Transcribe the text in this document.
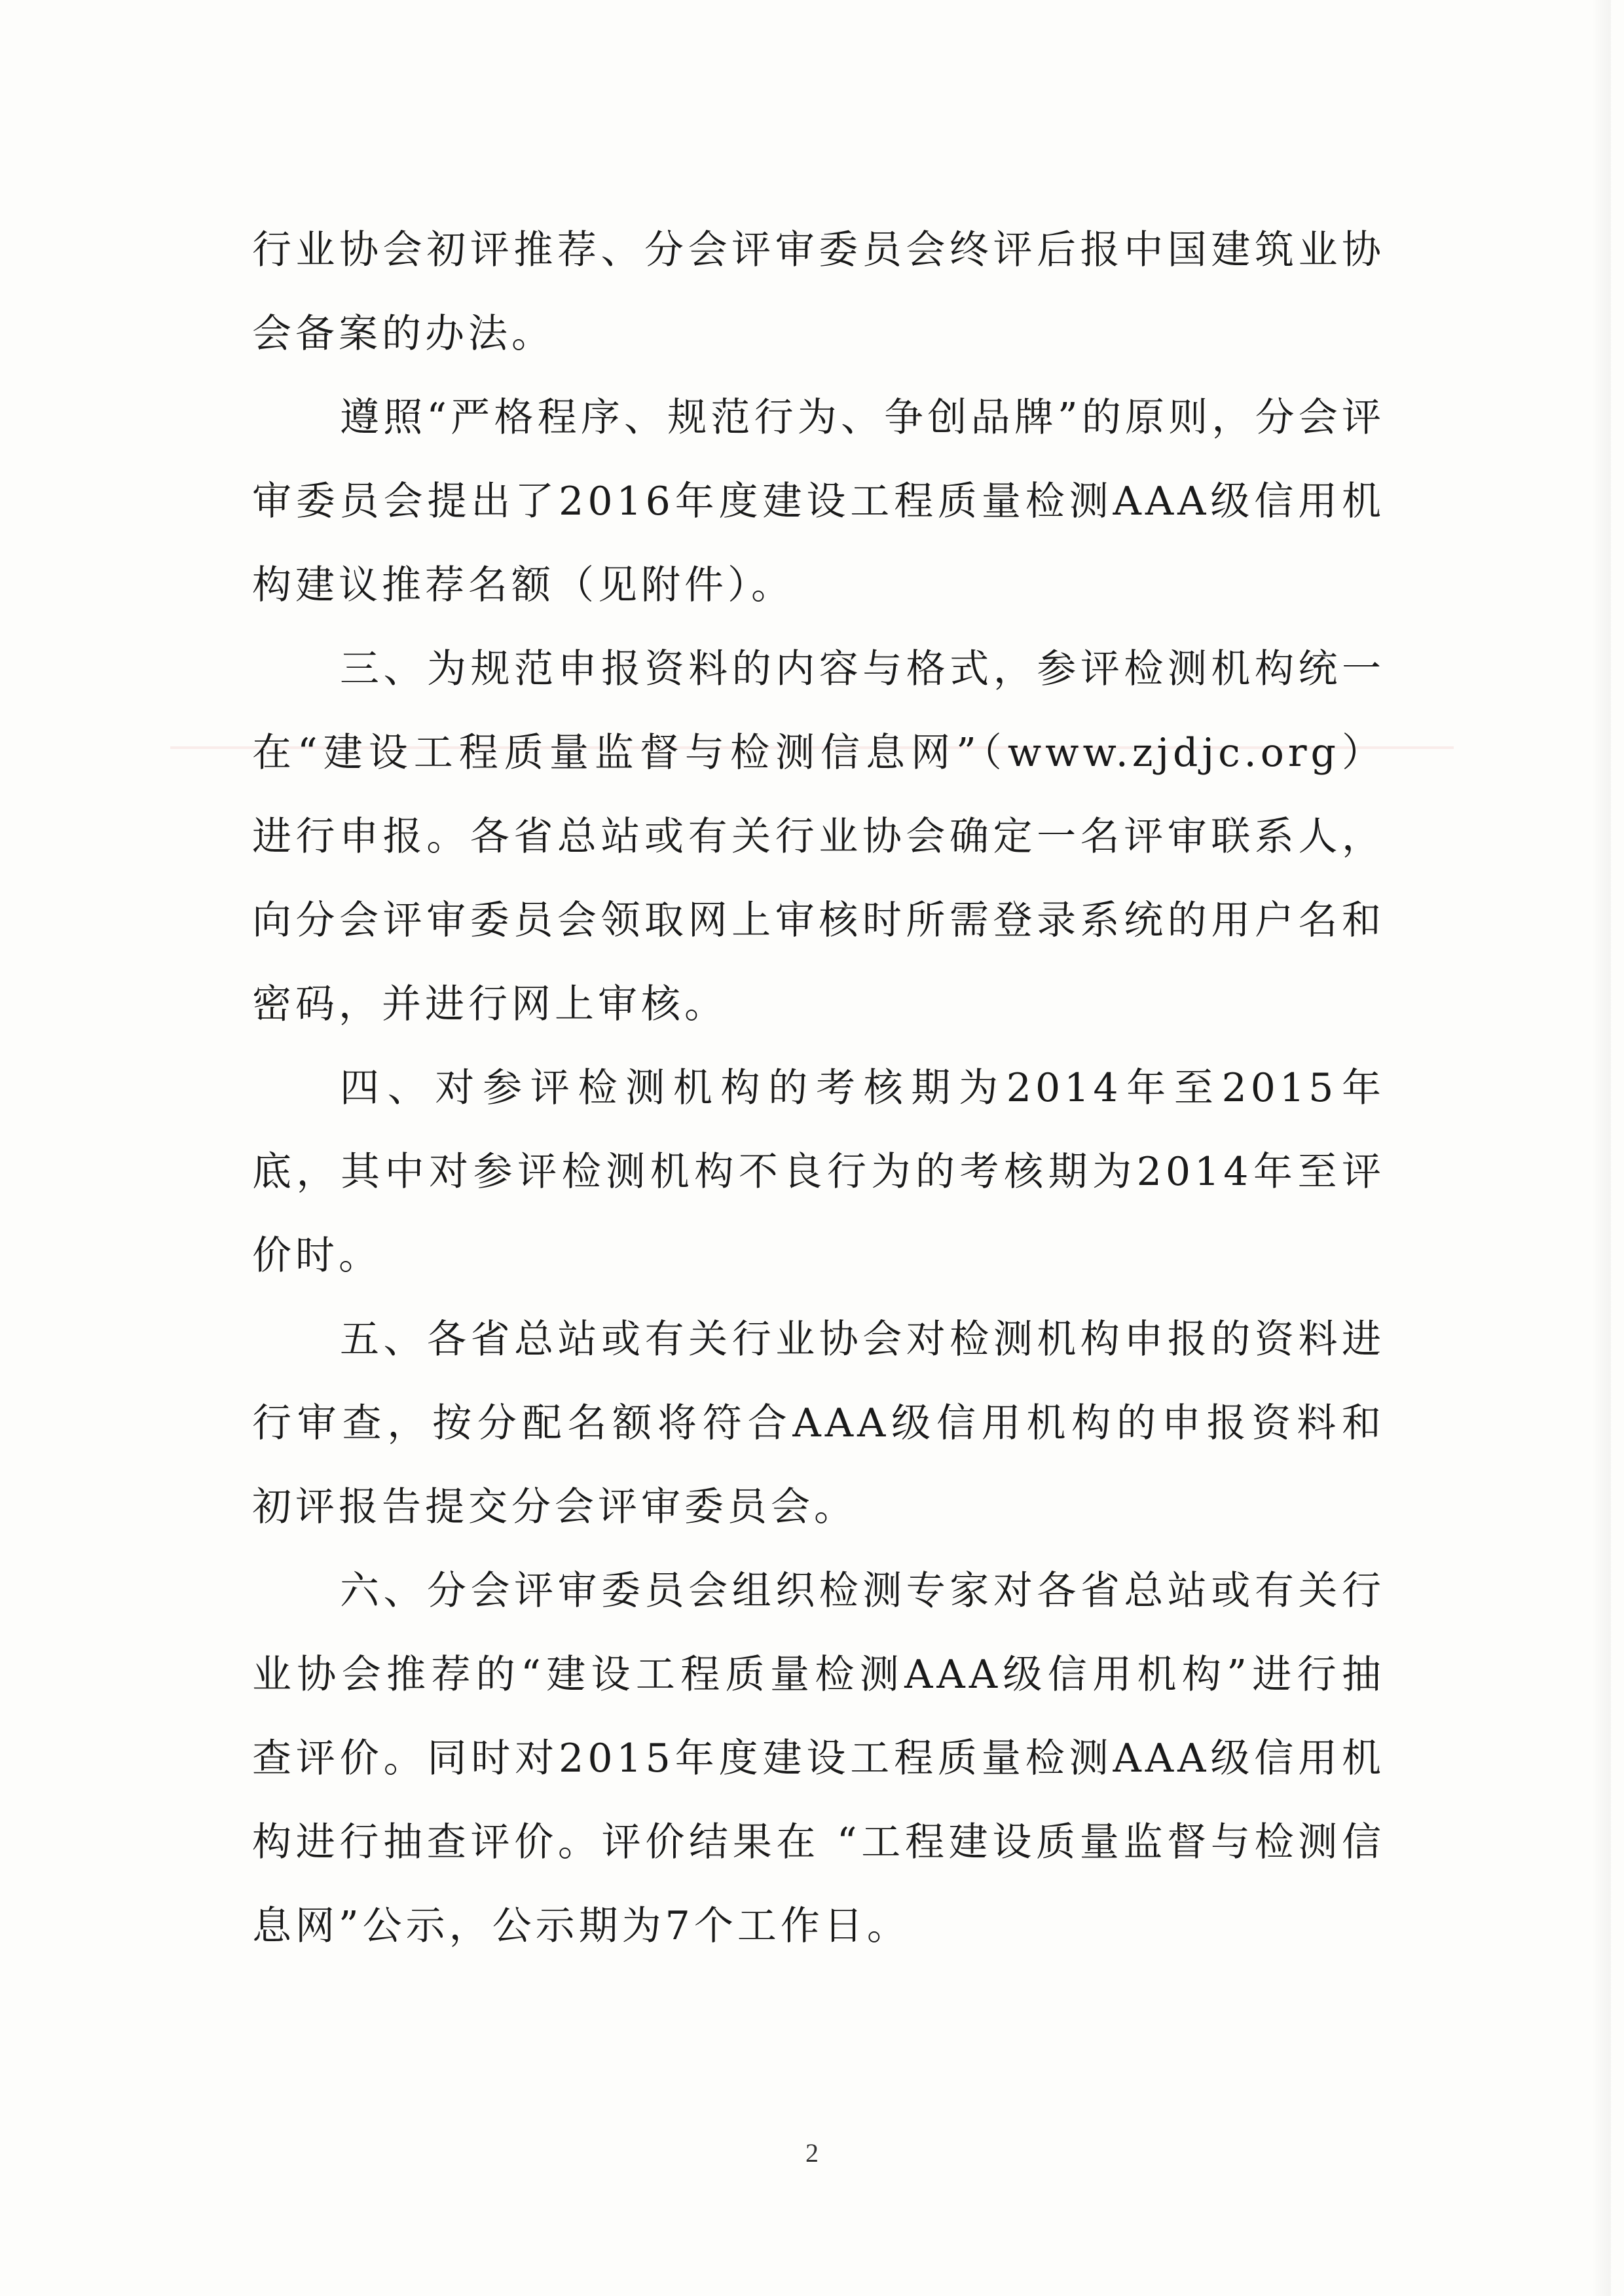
行业协会初评推荐、分会评审委员会终评后报中国建筑业协会备案的办法。

遵照“严格程序、规范行为、争创品牌”的原则，分会评审委员会提出了2016年度建设工程质量检测AAA级信用机构建议推荐名额（见附件）。

三、为规范申报资料的内容与格式，参评检测机构统一在“建设工程质量监督与检测信息网”（www.zjdjc.org）进行申报。各省总站或有关行业协会确定一名评审联系人，向分会评审委员会领取网上审核时所需登录系统的用户名和密码，并进行网上审核。

四、对参评检测机构的考核期为2014年至2015年底，其中对参评检测机构不良行为的考核期为2014年至评价时。

五、各省总站或有关行业协会对检测机构申报的资料进行审查，按分配名额将符合AAA级信用机构的申报资料和初评报告提交分会评审委员会。

六、分会评审委员会组织检测专家对各省总站或有关行业协会推荐的“建设工程质量检测AAA级信用机构”进行抽查评价。同时对2015年度建设工程质量检测AAA级信用机构进行抽查评价。评价结果在 “工程建设质量监督与检测信息网”公示，公示期为7个工作日。

2
